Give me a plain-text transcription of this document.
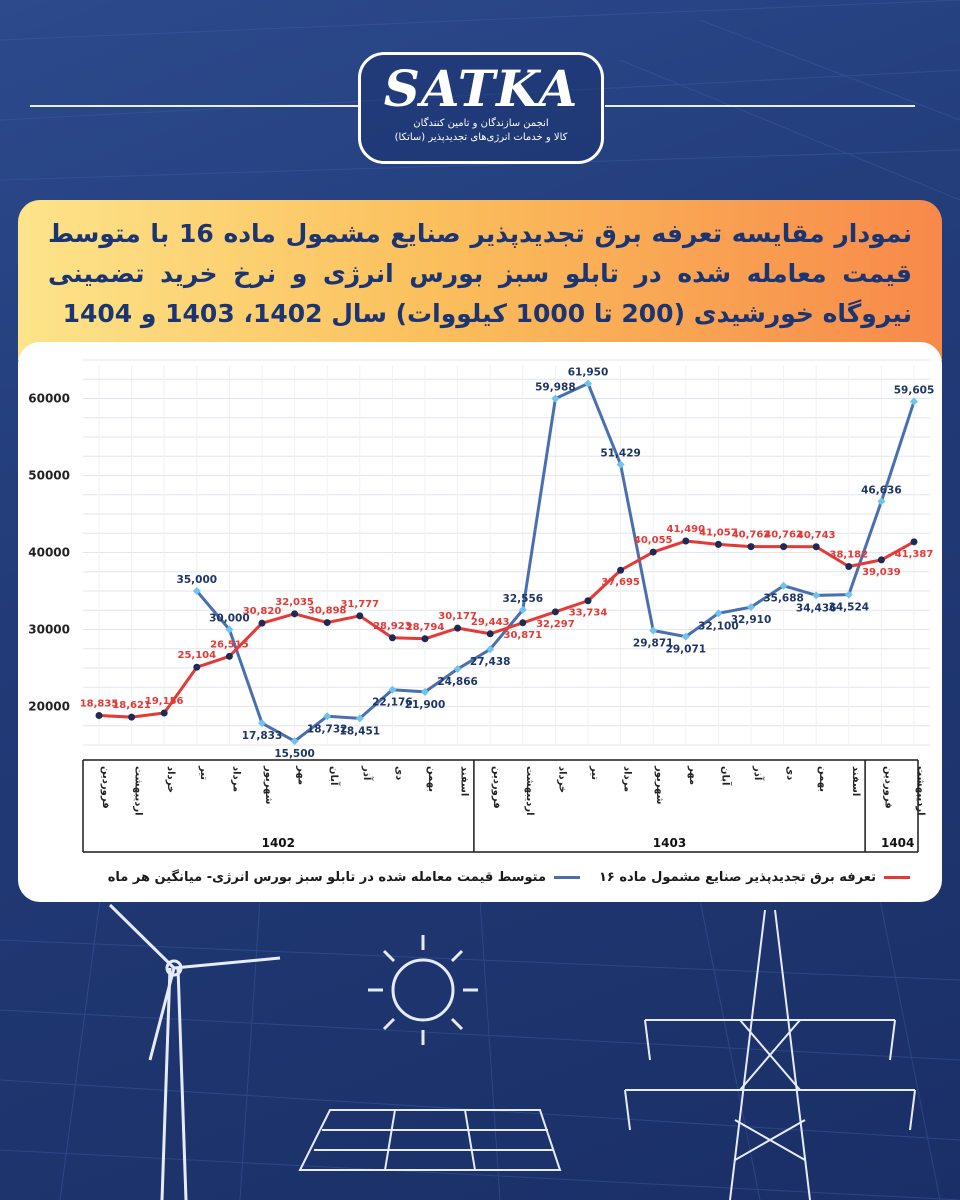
SATKA
انجمن سازندگان و تامین کنندگان
کالا و خدمات انرژی‌های تجدیدپذیر (ساتکا)
نمودار مقایسه تعرفه برق تجدیدپذیر صنایع مشمول ماده 16 با متوسط قیمت معامله شده در تابلو سبز بورس انرژی و نرخ خرید تضمینی نیروگاه خورشیدی (200 تا 1000 کیلووات) سال 1402، 1403 و 1404
20000
30000
40000
50000
60000
فروردین اردیبهشت خرداد تیر مرداد شهریور مهر آبان آذر دی بهمن اسفند فروردین اردیبهشت خرداد تیر مرداد شهریور مهر آبان آذر دی بهمن اسفند فروردین اردیبهشت
1402	1403	1404
35,000
30,000
17,833
15,500
18,732
18,451
22,176
21,900
24,866
27,438
32,556
59,988
61,950
51,429
29,871
29,071
32,100
32,910
35,688
34,436
34,524
46,636
59,605
18,835
18,621
19,156
25,104
26,515
30,820
32,035
30,898
31,777
28,923
28,794
30,177
29,443
30,871
32,297
33,734
37,695
40,055
41,490
41,057
40,762
40,762
40,743
38,182
39,039
41,387
تعرفه برق تجدیدپذیر صنایع مشمول ماده ۱۶
متوسط قیمت معامله شده در تابلو سبز بورس انرژی- میانگین هر ماه
